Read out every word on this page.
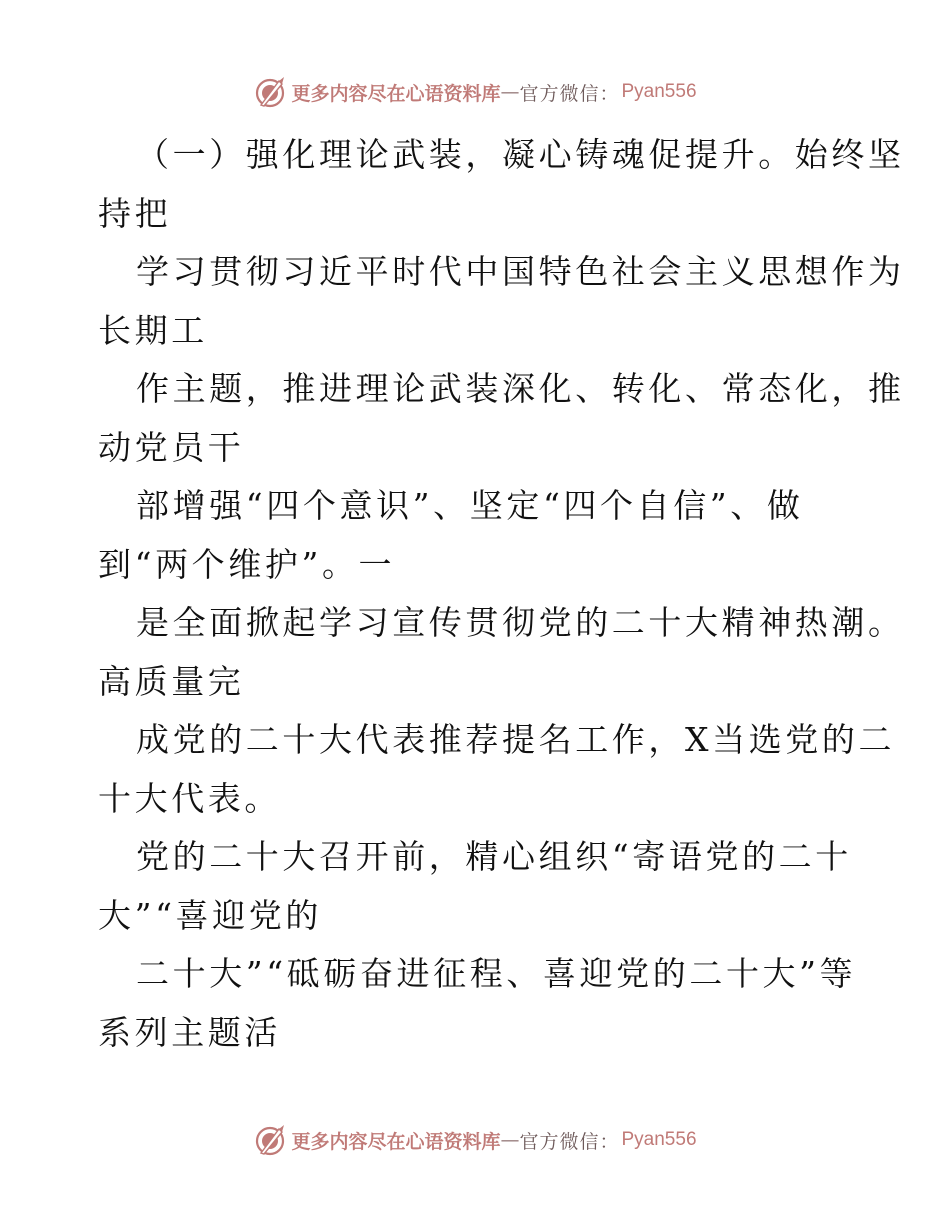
更多内容尽在心语资料库 — 官方微信： Pyan556
（一）强化理论武装，凝心铸魂促提升。始终坚
持把
学习贯彻习近平时代中国特色社会主义思想作为
长期工
作主题，推进理论武装深化、转化、常态化，推
动党员干
部增强“四个意识”、坚定“四个自信”、做
到“两个维护”。一
是全面掀起学习宣传贯彻党的二十大精神热潮。
高质量完
成党的二十大代表推荐提名工作，X当选党的二
十大代表。
党的二十大召开前，精心组织“寄语党的二十
大”“喜迎党的
二十大”“砥砺奋进征程、喜迎党的二十大”等
系列主题活
更多内容尽在心语资料库 — 官方微信： Pyan556
